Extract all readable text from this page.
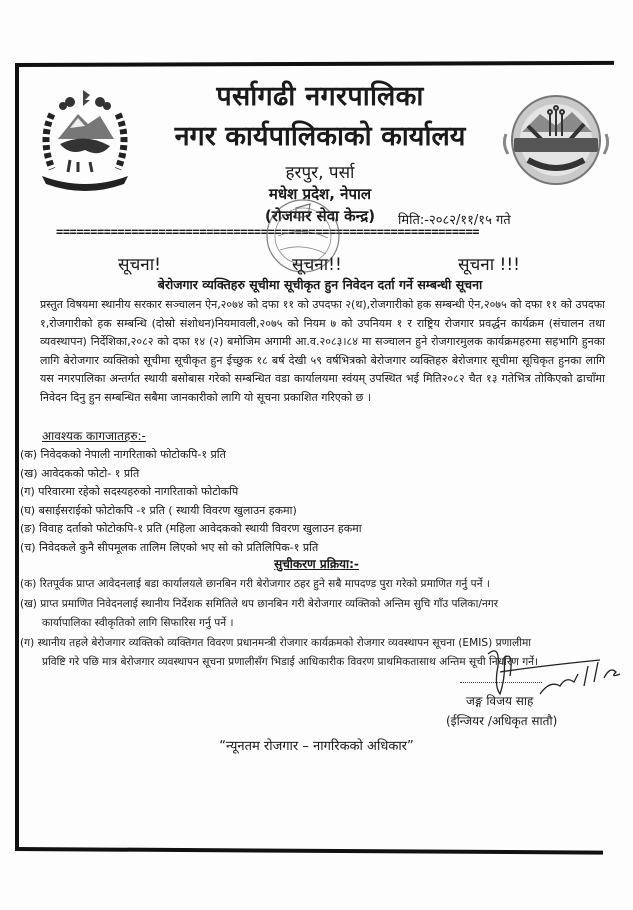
पर्सागढी नगरपालिका
नगर कार्यपालिकाको कार्यालय
हरपुर, पर्सा
मधेश प्रदेश, नेपाल
(रोजगार सेवा केन्द्र)	मिति:-२०८२/११/१५ गते
==============================================================
सूचना!	सूचना!!	सूचना !!!
बेरोजगार व्यक्तिहरु सूचीमा सूचीकृत हुन निवेदन दर्ता गर्ने सम्बन्धी सूचना
प्रस्तुत विषयमा स्थानीय सरकार सञ्चालन ऐन,२०७४ को दफा ११ को उपदफा २(थ),रोजगारीको हक सम्बन्धी ऐन,२०७५ को दफा ११ को उपदफा १,रोजगारीको हक सम्बन्धि (दोस्रो संशोधन)नियमावली,२०७५ को नियम ७ को उपनियम १ र राष्ट्रिय रोजगार प्रवर्द्धन कार्यक्रम (संचालन तथा व्यवस्थापन) निर्देशिका,२०८२ को दफा १४ (२) बमोजिम अगामी आ.व.२०८३।८४ मा सञ्चालन हुने रोजगारमुलक कार्यक्रमहरुमा सहभागि हुनका लागि बेरोजगार व्यक्तिको सूचीमा सूचीकृत हुन ईच्छुक १८ बर्ष देखी ५९ वर्षभित्रको बेरोजगार व्यक्तिहरु बेरोजगार सूचीमा सूचिकृत हुनका लागि यस नगरपालिका अन्तर्गत स्थायी बसोबास गरेको सम्बन्धित वडा कार्यालयमा स्वंयम् उपस्थित भई मिति२०८२ चैत १३ गतेभित्र तोकिएको ढाचाँमा निवेदन दिनु हुन सम्बन्धित सबैमा जानकारीको लागि यो सूचना प्रकाशित गरिएको छ ।
आवश्यक कागजातहरु:-
(क) निवेदकको नेपाली नागरिताको फोटोकपि-१ प्रति
(ख) आवेदकको फोटो- १ प्रति
(ग) परिवारमा रहेको सदस्यहरुको नागरिताको फोटोकपि
(घ) बसाईसराईको फोटोकपि -१ प्रति ( स्थायी विवरण खुलाउन हकमा)
(ङ) विवाह दर्ताको फोटोकपि-१ प्रति (महिला आवेदकको स्थायी विवरण खुलाउन हकमा
(च) निवेदकले कुनै सीपमूलक तालिम लिएको भए सो को प्रतिलिपिक-१ प्रति
सुचीकरण प्रक्रिया:-
(क) रितपूर्वक प्राप्त आवेदनलाई बडा कार्यालयले छानबिन गरी बेरोजगार ठहर हुने सबै मापदण्ड पुरा गरेको प्रमाणित गर्नु पर्ने ।
(ख) प्राप्त प्रमाणित निवेदनलाई स्थानीय निर्देशक समितिले थप छानबिन गरी बेरोजगार व्यक्तिको अन्तिम सुचि गाँउ पलिका/नगर
कार्यापालिका स्वीकृतिको लागि सिफारिस गर्नु पर्ने ।
(ग) स्थानीय तहले बेरोजगार व्यक्तिको व्यक्तिगत विवरण प्रधानमन्त्री रोजगार कार्यक्रमको रोजगार व्यवस्थापन सूचना (EMIS) प्रणालीमा
प्रविष्टि गरे पछि मात्र बेरोजगार व्यवस्थापन सूचना प्रणालीसँग भिडाई आधिकारीक विवरण प्राथमिकतासाथ अन्तिम सूची निर्धारण गर्ने।
जङ्ग विजय साह
(ईन्जियर /अधिकृत सातौ)
“न्यूनतम रोजगार – नागरिकको अधिकार”
